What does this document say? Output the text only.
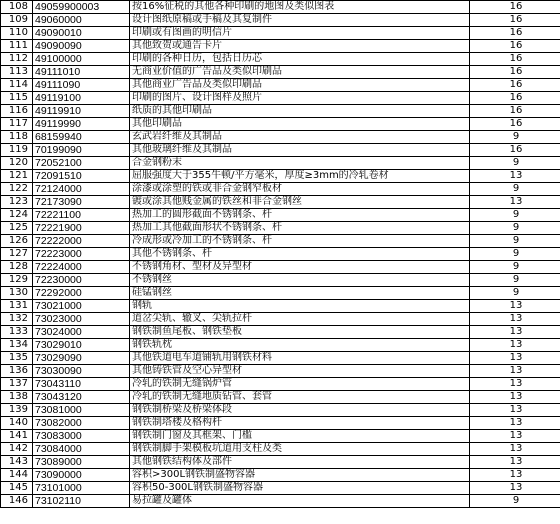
108	49059900003	按16%征税的其他各种印刷的地图及类似图表	16
109	49060000	设计图纸原稿或手稿及其复制件	16
110	49090010	印刷或有图画的明信片	16
111	49090090	其他致贺或通告卡片	16
112	49100000	印刷的各种日历，包括日历芯	16
113	49111010	无商业价值的广告品及类似印刷品	16
114	49111090	其他商业广告品及类似印刷品	16
115	49119100	印刷的图片、设计图样及照片	16
116	49119910	纸质的其他印刷品	16
117	49119990	其他印刷品	16
118	68159940	玄武岩纤维及其制品	9
119	70199090	其他玻璃纤维及其制品	16
120	72052100	合金钢粉末	9
121	72091510	屈服强度大于355牛顿/平方毫米，厚度≥3mm的冷轧卷材	13
122	72124000	涂漆或涂塑的铁或非合金钢窄板材	9
123	72173090	镀或涂其他贱金属的铁丝和非合金钢丝	13
124	72221100	热加工的圆形截面不锈钢条、杆	9
125	72221900	热加工其他截面形状不锈钢条、杆	9
126	72222000	冷成形或冷加工的不锈钢条、杆	9
127	72223000	其他不锈钢条、杆	9
128	72224000	不锈钢角材、型材及异型材	9
129	72230000	不锈钢丝	9
130	72292000	硅锰钢丝	9
131	73021000	钢轨	13
132	73023000	道岔尖轨、辙叉、尖轨拉杆	13
133	73024000	钢铁制鱼尾板、钢铁垫板	13
134	73029010	钢铁轨枕	13
135	73029090	其他铁道电车道铺轨用钢铁材料	13
136	73030090	其他铸铁管及空心异型材	13
137	73043110	冷轧的铁制无缝锅炉管	13
138	73043120	冷轧的铁制无缝地质钻管、套管	13
139	73081000	钢铁制桥梁及桥梁体段	13
140	73082000	钢铁制塔楼及格构杆	13
141	73083000	钢铁制门窗及其框架、门槛	13
142	73084000	钢铁制脚手架模板坑道用支柱及类	13
143	73089000	其他钢铁结构体及部件	13
144	73090000	容积>300L钢铁制盛物容器	13
145	73101000	容积50-300L钢铁制盛物容器	13
146	73102110	易拉罐及罐体	9
